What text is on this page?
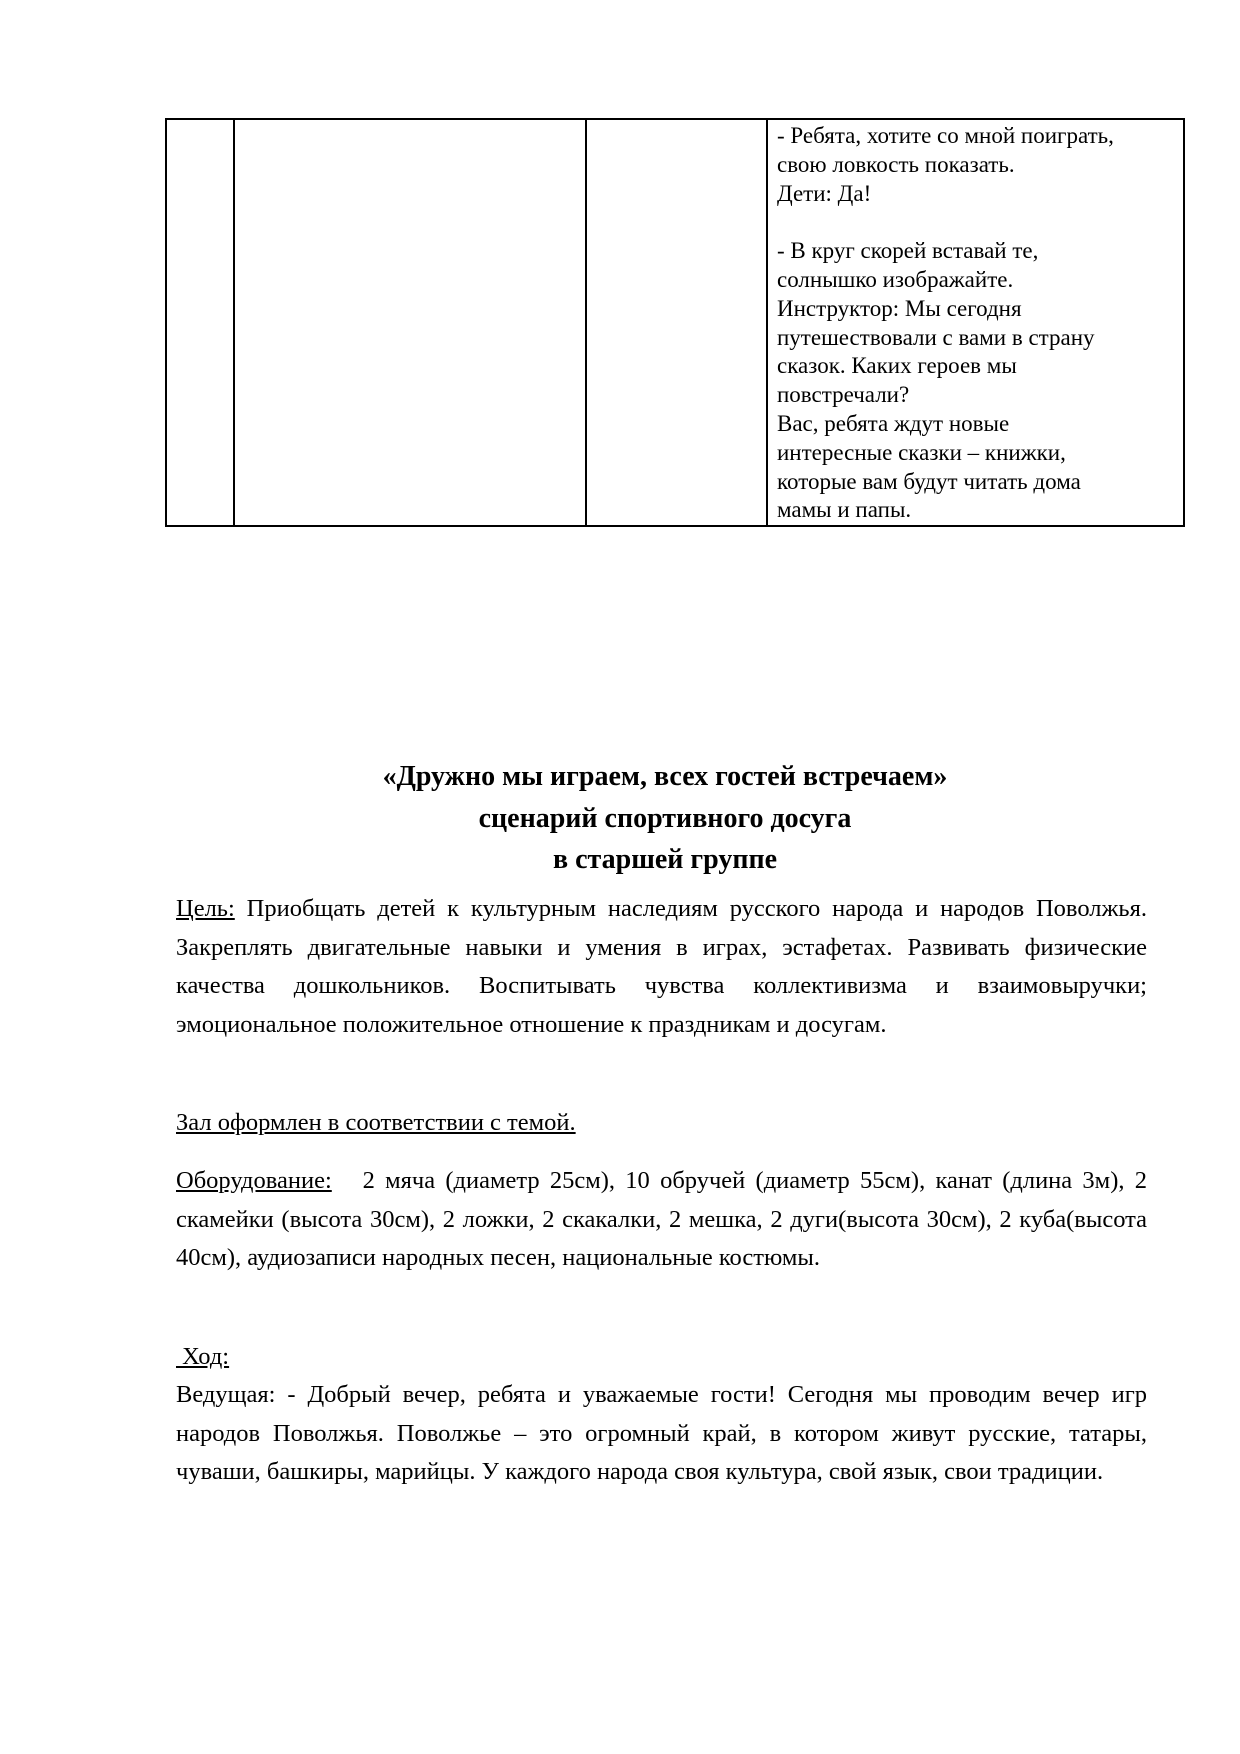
- Ребята, хотите со мной поиграть,
свою ловкость показать.
Дети: Да!
- В круг скорей вставай те,
солнышко изображайте.
Инструктор: Мы сегодня
путешествовали с вами в страну
сказок. Каких героев мы
повстречали?
Вас, ребята ждут новые
интересные сказки – книжки,
которые вам будут читать дома
мамы и папы.
«Дружно мы играем, всех гостей встречаем»
сценарий спортивного досуга
в старшей группе
Цель: Приобщать детей к культурным наследиям русского народа и народов Поволжья. Закреплять двигательные навыки и умения в играх, эстафетах. Развивать физические качества дошкольников. Воспитывать чувства коллективизма и взаимовыручки; эмоциональное положительное отношение к праздникам и досугам.
Зал оформлен в соответствии с темой.
Оборудование:   2 мяча (диаметр 25см), 10 обручей (диаметр 55см), канат (длина 3м), 2 скамейки (высота 30см), 2 ложки, 2 скакалки, 2 мешка, 2 дуги(высота 30см), 2 куба(высота 40см), аудиозаписи народных песен, национальные костюмы.
Ход:
Ведущая: - Добрый вечер, ребята и уважаемые гости! Сегодня мы проводим вечер игр народов Поволжья. Поволжье – это огромный край, в котором живут русские, татары, чуваши, башкиры, марийцы. У каждого народа своя культура, свой язык, свои традиции.
